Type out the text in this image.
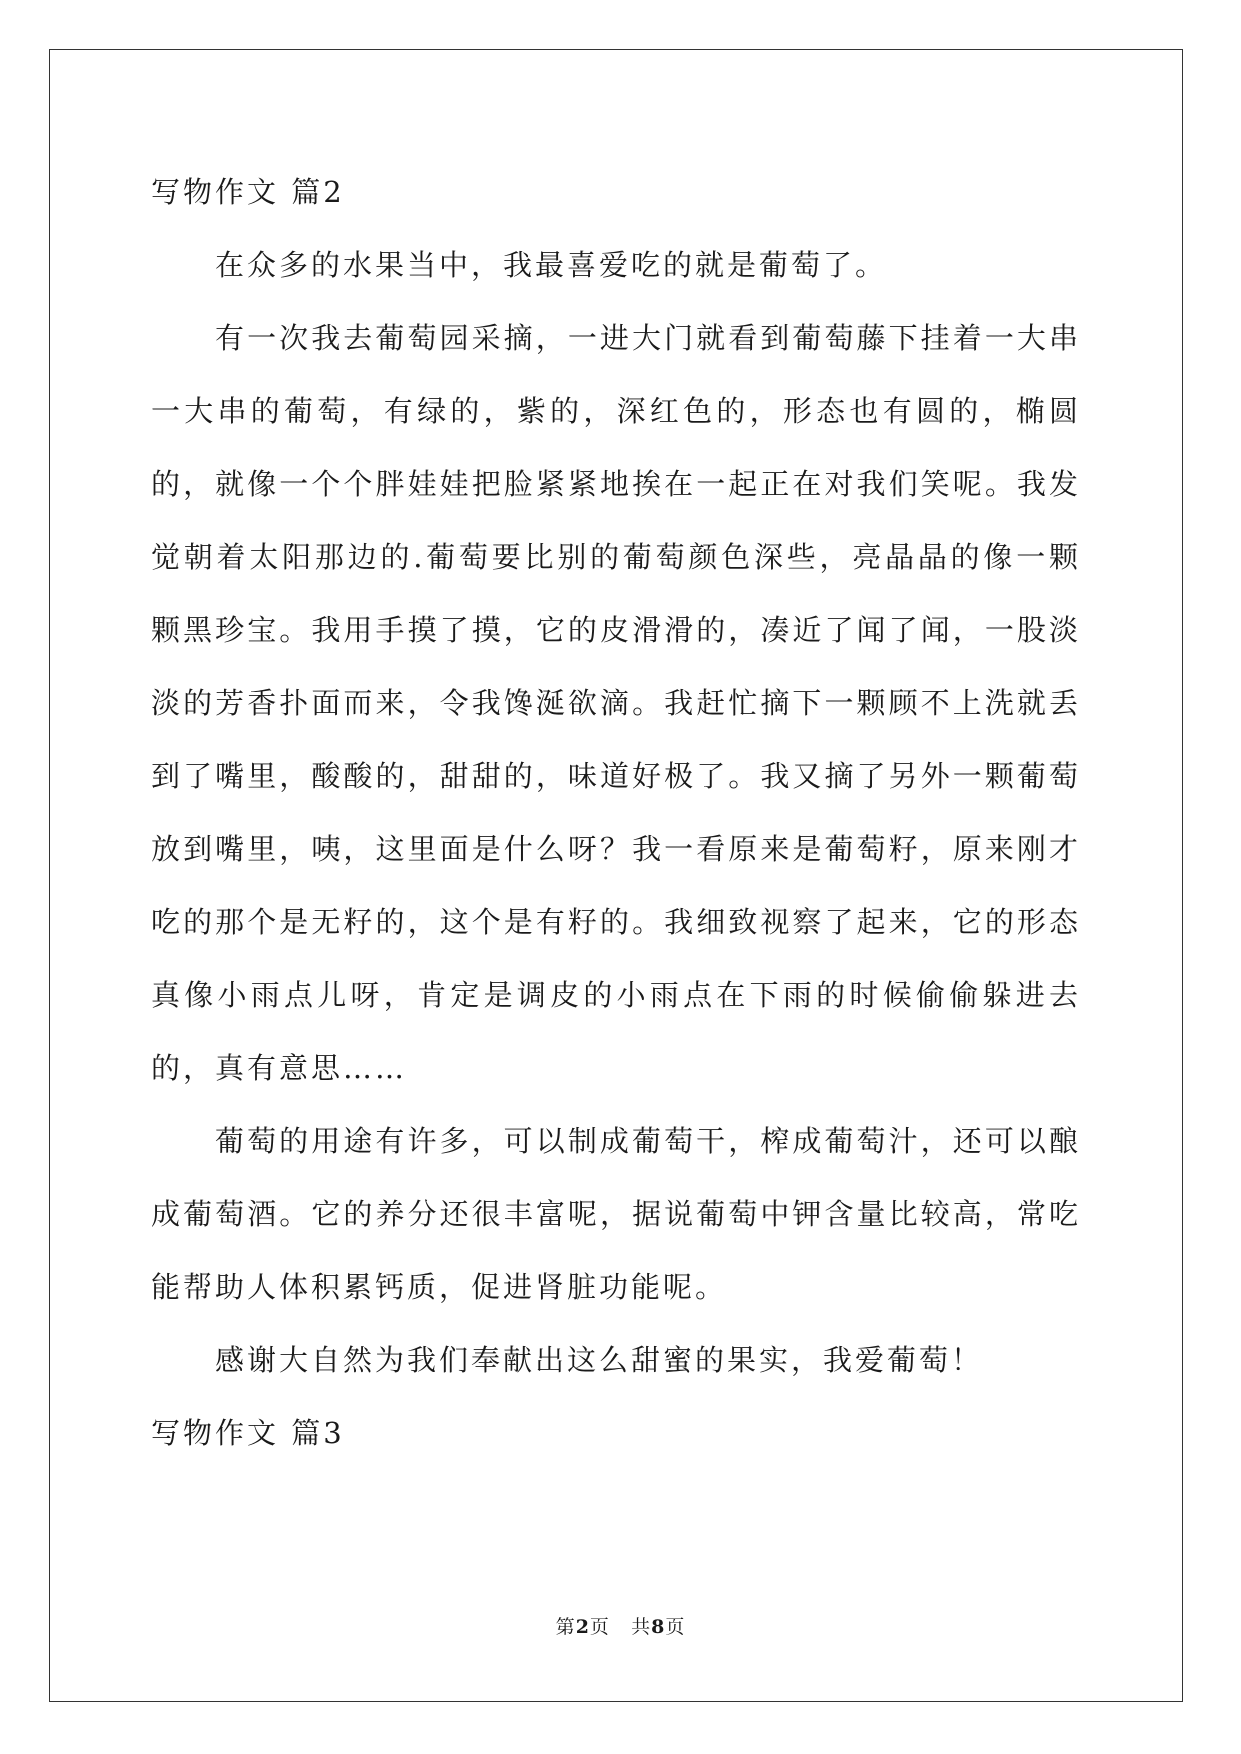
写物作文 篇2

在众多的水果当中，我最喜爱吃的就是葡萄了。

有一次我去葡萄园采摘，一进大门就看到葡萄藤下挂着一大串一大串的葡萄，有绿的，紫的，深红色的，形态也有圆的，椭圆的，就像一个个胖娃娃把脸紧紧地挨在一起正在对我们笑呢。我发觉朝着太阳那边的.葡萄要比别的葡萄颜色深些，亮晶晶的像一颗颗黑珍宝。我用手摸了摸，它的皮滑滑的，凑近了闻了闻，一股淡淡的芳香扑面而来，令我馋涎欲滴。我赶忙摘下一颗顾不上洗就丢到了嘴里，酸酸的，甜甜的，味道好极了。我又摘了另外一颗葡萄放到嘴里，咦，这里面是什么呀？我一看原来是葡萄籽，原来刚才吃的那个是无籽的，这个是有籽的。我细致视察了起来，它的形态真像小雨点儿呀，肯定是调皮的小雨点在下雨的时候偷偷躲进去的，真有意思……

葡萄的用途有许多，可以制成葡萄干，榨成葡萄汁，还可以酿成葡萄酒。它的养分还很丰富呢，据说葡萄中钾含量比较高，常吃能帮助人体积累钙质，促进肾脏功能呢。

感谢大自然为我们奉献出这么甜蜜的果实，我爱葡萄！

写物作文 篇3
第2页 共8页
